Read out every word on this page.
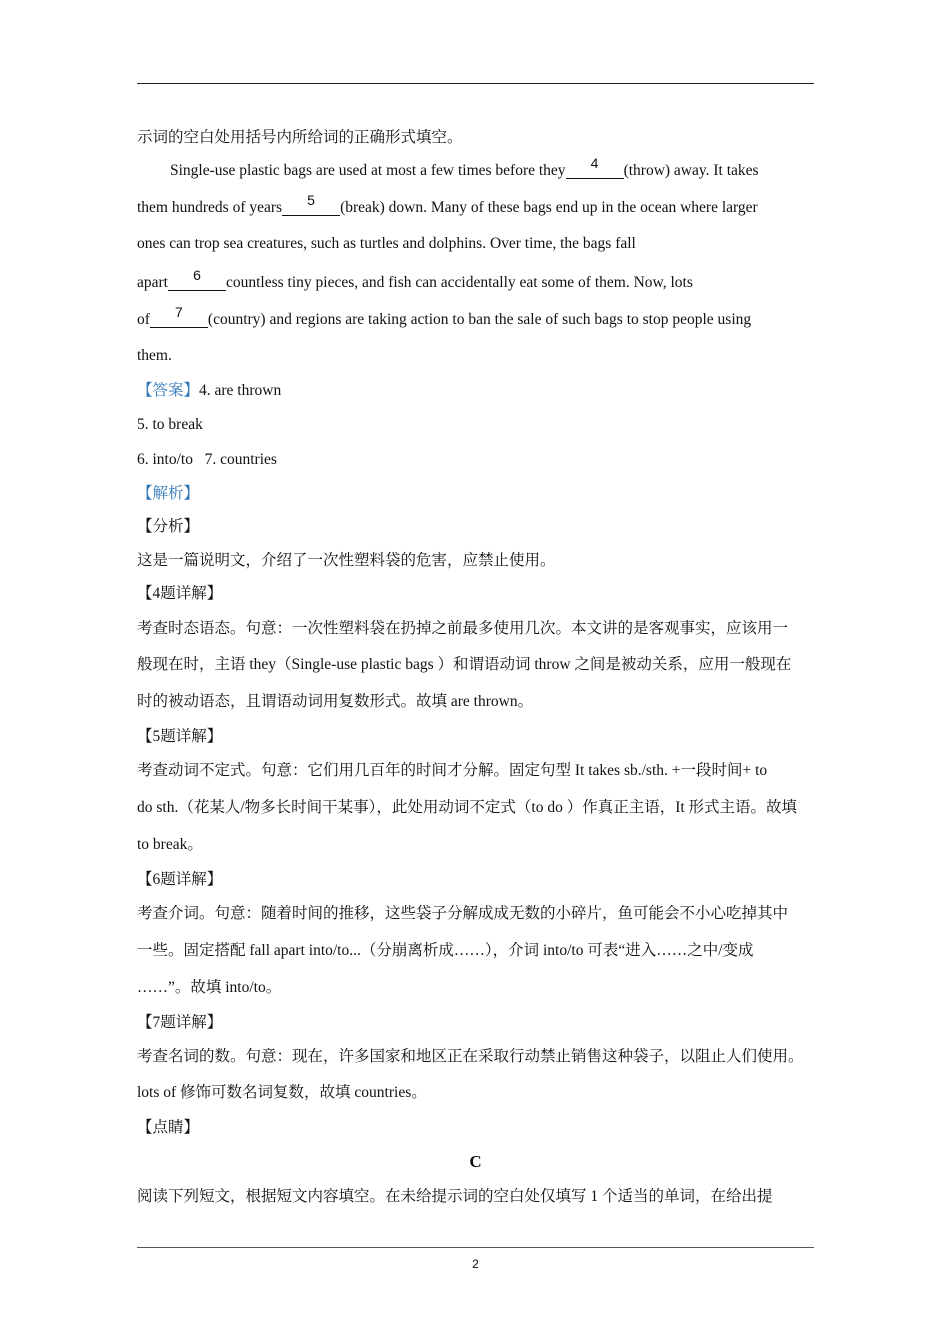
示词的空白处用括号内所给词的正确形式填空。
Single-use plastic bags are used at most a few times before they 4 (throw) away. It takes
them hundreds of years 5 (break) down. Many of these bags end up in the ocean where larger
ones can trop sea creatures, such as turtles and dolphins. Over time, the bags fall
apart 6 countless tiny pieces, and fish can accidentally eat some of them. Now, lots
of 7 (country) and regions are taking action to ban the sale of such bags to stop people using
them.
【答案】4. are thrown
5. to break
6. into/to 7. countries
【解析】
【分析】
这是一篇说明文，介绍了一次性塑料袋的危害，应禁止使用。
【4题详解】
考查时态语态。句意：一次性塑料袋在扔掉之前最多使用几次。本文讲的是客观事实，应该用一
般现在时，主语 they（Single-use plastic bags ）和谓语动词 throw 之间是被动关系，应用一般现在
时的被动语态，且谓语动词用复数形式。故填 are thrown。
【5题详解】
考查动词不定式。句意：它们用几百年的时间才分解。固定句型 It takes sb./sth. +一段时间+ to
do sth.（花某人/物多长时间干某事），此处用动词不定式（to do ）作真正主语，It 形式主语。故填
to break。
【6题详解】
考查介词。句意：随着时间的推移，这些袋子分解成成无数的小碎片，鱼可能会不小心吃掉其中
一些。固定搭配 fall apart into/to...（分崩离析成……），介词 into/to 可表“进入……之中/变成
……”。故填 into/to。
【7题详解】
考查名词的数。句意：现在，许多国家和地区正在采取行动禁止销售这种袋子，以阻止人们使用。
lots of 修饰可数名词复数，故填 countries。
【点睛】
C
阅读下列短文，根据短文内容填空。在未给提示词的空白处仅填写 1 个适当的单词，在给出提
2
